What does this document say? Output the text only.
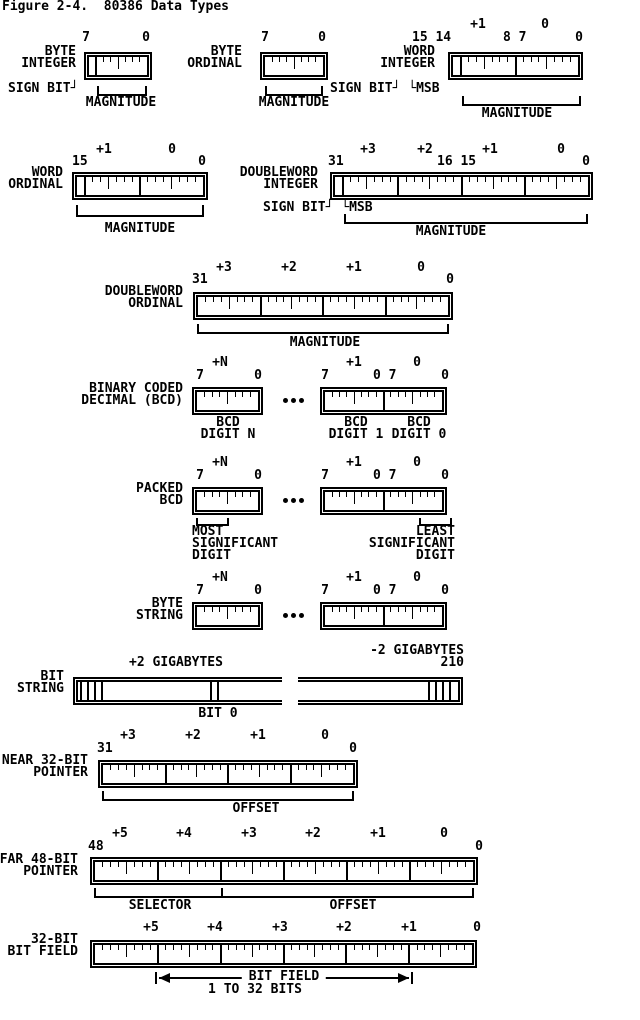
Figure 2-4.  80386 Data Types
7	0
BYTE
INTEGER
SIGN BIT┘
MAGNITUDE
7	0
BYTE
ORDINAL
MAGNITUDE
+1	0
15 14	8 7	0
WORD
INTEGER
SIGN BIT┘ └MSB
MAGNITUDE
+1	0
15	0
WORD
ORDINAL
MAGNITUDE
+3	+2	+1	0
31	16 15	0
DOUBLEWORD
INTEGER
SIGN BIT┘ └MSB
MAGNITUDE
+3	+2	+1	0
31	0
DOUBLEWORD
ORDINAL
MAGNITUDE
+N	+1	0
7	0	7	0 7	0
BINARY CODED
DECIMAL (BCD)
BCD
DIGIT N
BCD
DIGIT 1
BCD
DIGIT 0
+N	+1	0
7	0	7	0 7	0
PACKED
BCD
MOST
SIGNIFICANT
DIGIT
LEAST
SIGNIFICANT
DIGIT
+N	+1	0
7	0	7	0 7	0
BYTE
STRING
+2 GIGABYTES
-2 GIGABYTES
210
BIT
STRING
BIT 0
+3	+2	+1	0
31	0
NEAR 32-BIT
POINTER
OFFSET
+5	+4	+3	+2	+1	0
48	0
FAR 48-BIT
POINTER
SELECTOR	OFFSET
+5	+4	+3	+2	+1	0
32-BIT
BIT FIELD
1 TO 32 BITS
BIT FIELD
